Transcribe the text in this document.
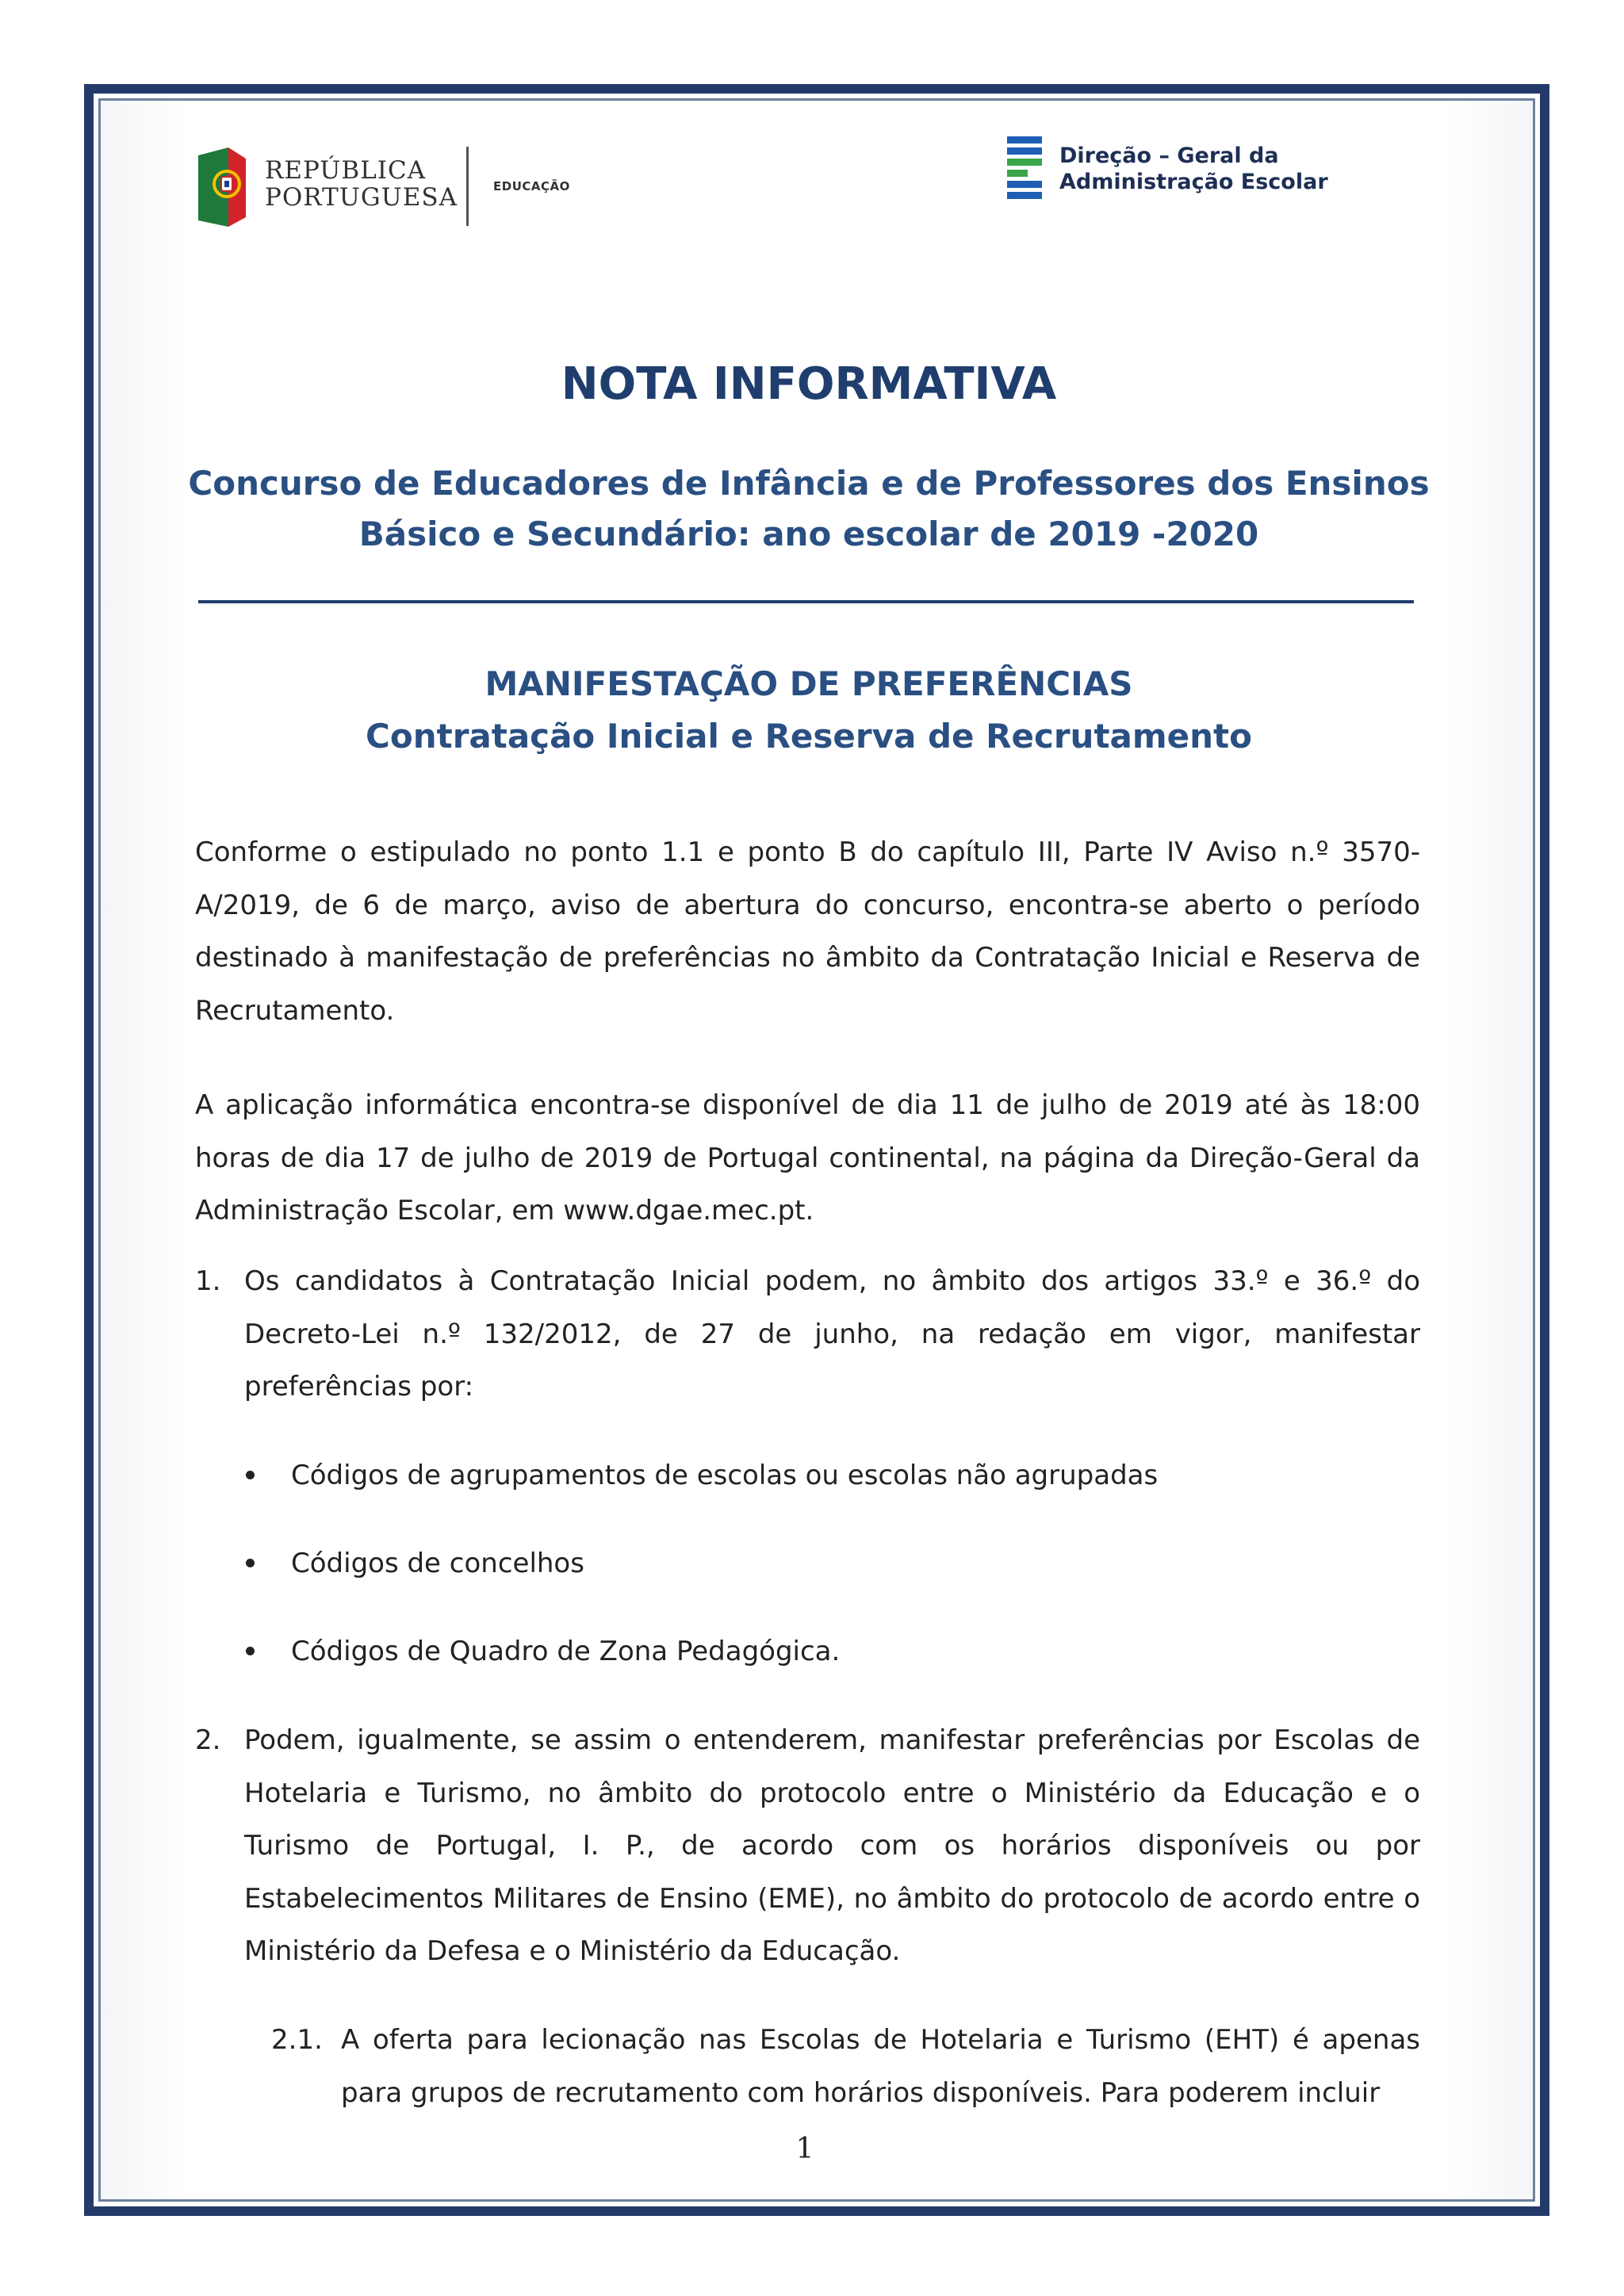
REPÚBLICA
PORTUGUESA	EDUCAÇÃO
Direção – Geral da
Administração Escolar
NOTA INFORMATIVA
Concurso de Educadores de Infância e de Professores dos Ensinos
Básico e Secundário: ano escolar de 2019 -2020
MANIFESTAÇÃO DE PREFERÊNCIAS
Contratação Inicial e Reserva de Recrutamento

Conforme o estipulado no ponto 1.1 e ponto B do capítulo III, Parte IV Aviso n.º 3570-A/2019, de 6 de março, aviso de abertura do concurso, encontra-se aberto o período destinado à manifestação de preferências no âmbito da Contratação Inicial e Reserva de Recrutamento.

A aplicação informática encontra-se disponível de dia 11 de julho de 2019 até às 18:00 horas de dia 17 de julho de 2019 de Portugal continental, na página da Direção-Geral da Administração Escolar, em www.dgae.mec.pt.

1. Os candidatos à Contratação Inicial podem, no âmbito dos artigos 33.º e 36.º do Decreto-Lei n.º 132/2012, de 27 de junho, na redação em vigor, manifestar preferências por:

Códigos de agrupamentos de escolas ou escolas não agrupadas
Códigos de concelhos
Códigos de Quadro de Zona Pedagógica.
2. Podem, igualmente, se assim o entenderem, manifestar preferências por Escolas de Hotelaria e Turismo, no âmbito do protocolo entre o Ministério da Educação e o Turismo de Portugal, I. P., de acordo com os horários disponíveis ou por Estabelecimentos Militares de Ensino (EME), no âmbito do protocolo de acordo entre o Ministério da Defesa e o Ministério da Educação.

2.1. A oferta para lecionação nas Escolas de Hotelaria e Turismo (EHT) é apenas para grupos de recrutamento com horários disponíveis. Para poderem incluir

1
